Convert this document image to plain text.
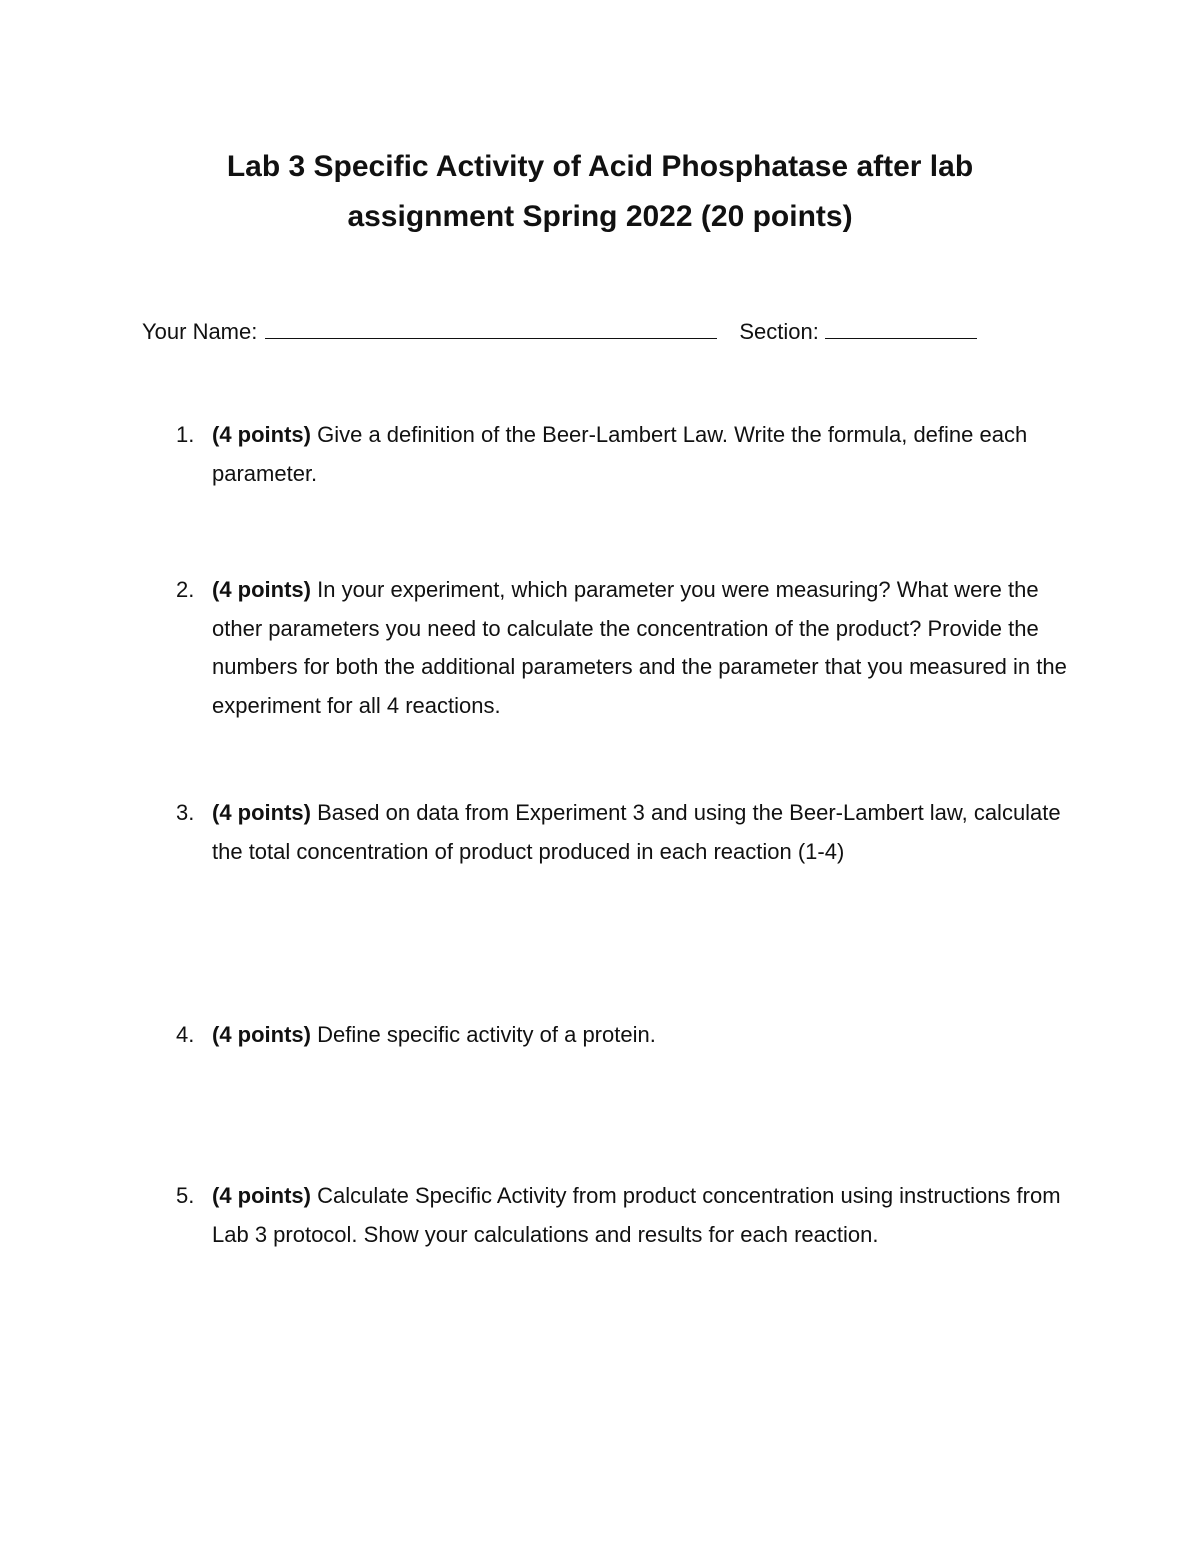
Lab 3 Specific Activity of Acid Phosphatase after lab
assignment Spring 2022 (20 points)
Your Name:	Section:
1. (4 points) Give a definition of the Beer-Lambert Law. Write the formula, define each parameter.
2. (4 points) In your experiment, which parameter you were measuring? What were the other parameters you need to calculate the concentration of the product? Provide the numbers for both the additional parameters and the parameter that you measured in the experiment for all 4 reactions.
3. (4 points) Based on data from Experiment 3 and using the Beer-Lambert law, calculate the total concentration of product produced in each reaction (1-4)
4. (4 points) Define specific activity of a protein.
5. (4 points) Calculate Specific Activity from product concentration using instructions from Lab 3 protocol. Show your calculations and results for each reaction.
